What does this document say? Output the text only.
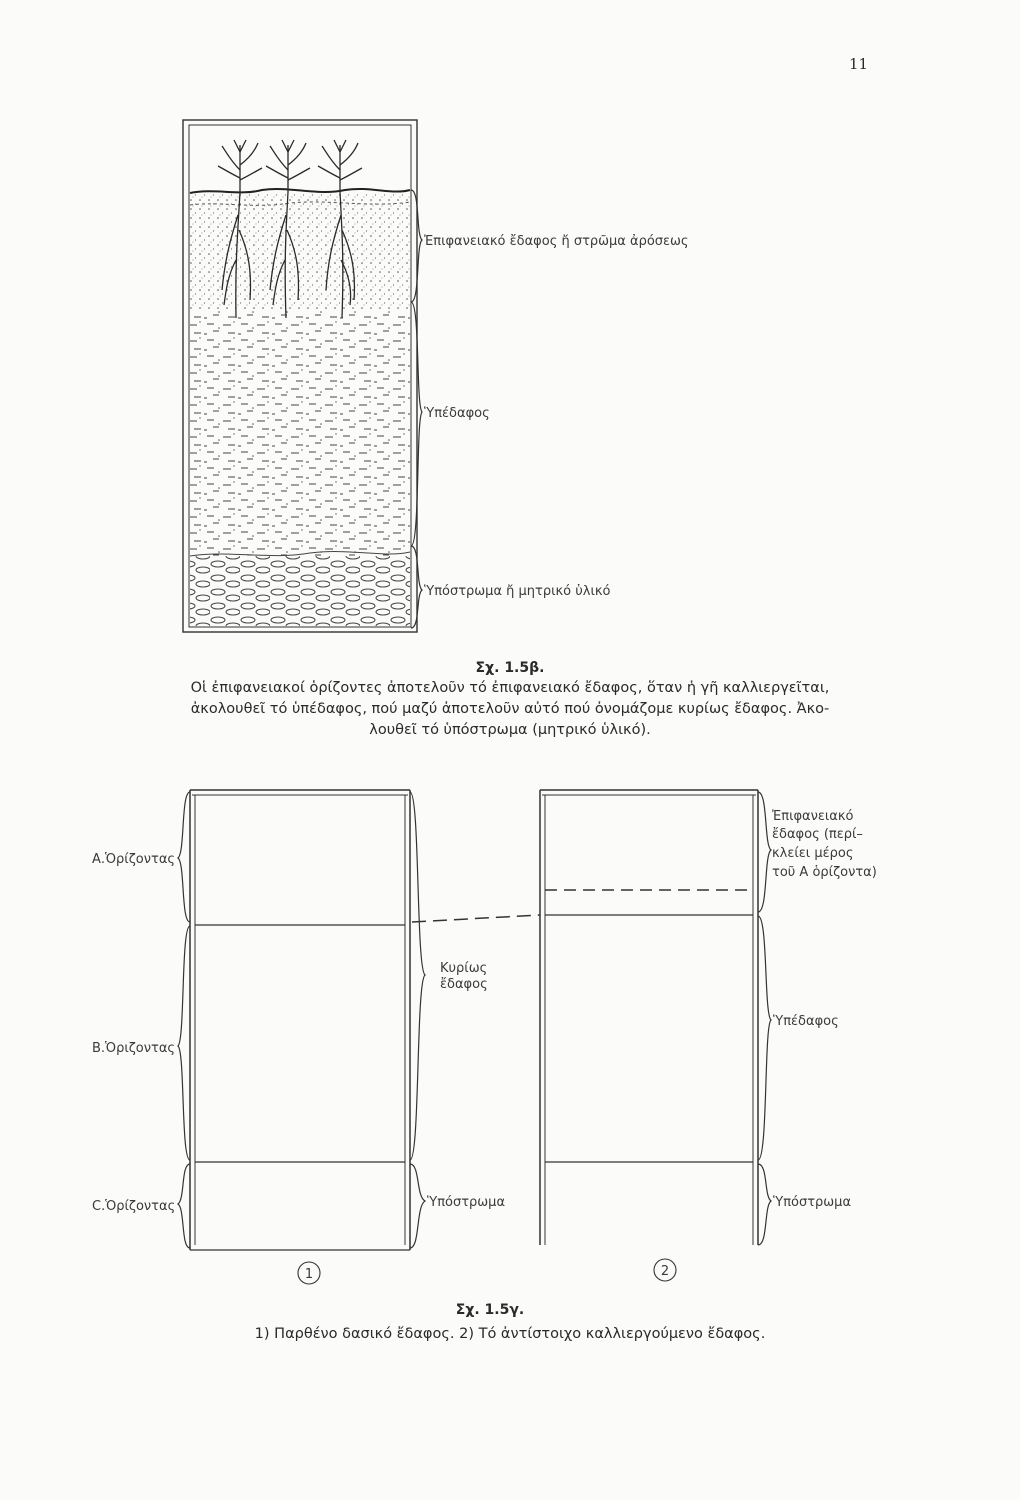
11
Ἐπιφανειακό ἔδαφος ἤ στρῶμα ἀρόσεως
Ὑπέδαφος
Ὑπόστρωμα ἤ μητρικό ὑλικό
Α.Ὁρίζοντας
Β.Ὁριζοντας
C.Ὁρίζοντας
Κυρίως
ἔδαφος
Ὑπόστρωμα
Ἐπιφανειακό
ἔδαφος (περί–
κλείει μέρος
τοῦ Α ὁρίζοντα)
Ὑπέδαφος
Ὑπόστρωμα
1	2
Σχ. 1.5β.
Οἱ ἐπιφανειακοί ὁρίζοντες ἀποτελοῦν τό ἐπιφανειακό ἔδαφος, ὅταν ἡ γῆ καλλιεργεῖται,
ἀκολουθεῖ τό ὑπέδαφος, πού μαζύ ἀποτελοῦν αὐτό πού ὀνομάζομε κυρίως ἔδαφος. Ἀκο-
λουθεῖ τό ὑπόστρωμα (μητρικό ὑλικό).
Σχ. 1.5γ.
1) Παρθένο δασικό ἔδαφος. 2) Τό ἀντίστοιχο καλλιεργούμενο ἔδαφος.
